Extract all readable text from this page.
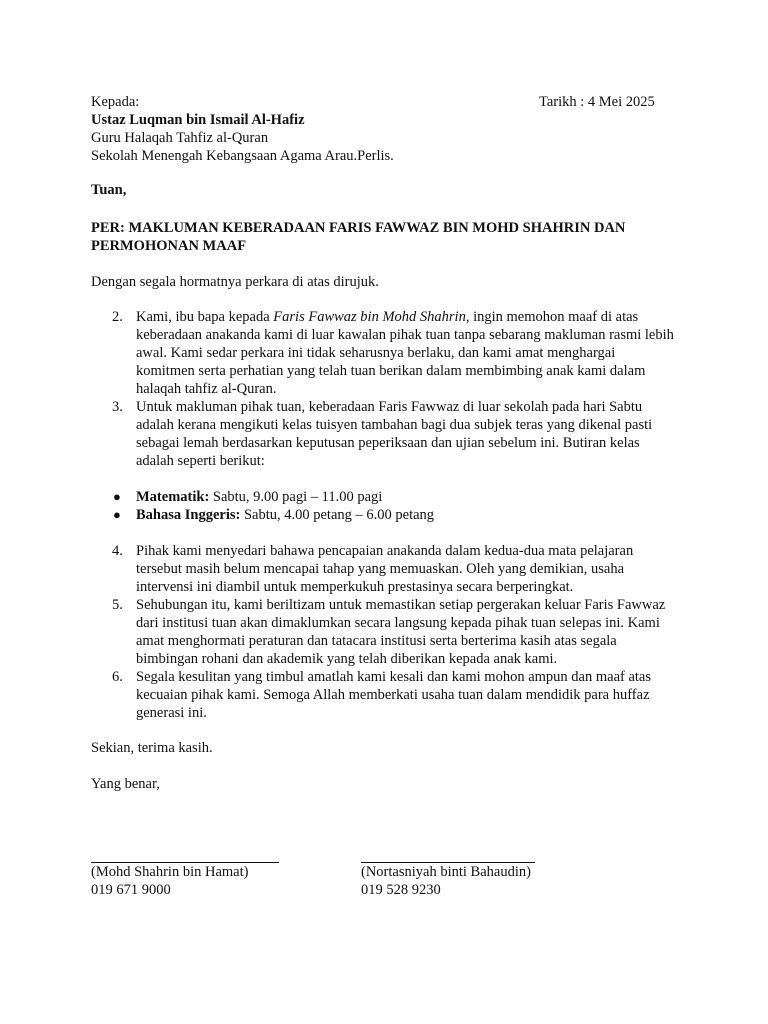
Tarikh : 4 Mei 2025
Kepada:
Ustaz Luqman bin Ismail Al-Hafiz
Guru Halaqah Tahfiz al-Quran
Sekolah Menengah Kebangsaan Agama Arau.Perlis.
Tuan,
PER: MAKLUMAN KEBERADAAN FARIS FAWWAZ BIN MOHD SHAHRIN DAN
PERMOHONAN MAAF
Dengan segala hormatnya perkara di atas dirujuk.
2. Kami, ibu bapa kepada Faris Fawwaz bin Mohd Shahrin, ingin memohon maaf di atas keberadaan anakanda kami di luar kawalan pihak tuan tanpa sebarang makluman rasmi lebih awal. Kami sedar perkara ini tidak seharusnya berlaku, dan kami amat menghargai komitmen serta perhatian yang telah tuan berikan dalam membimbing anak kami dalam halaqah tahfiz al-Quran.
3. Untuk makluman pihak tuan, keberadaan Faris Fawwaz di luar sekolah pada hari Sabtu adalah kerana mengikuti kelas tuisyen tambahan bagi dua subjek teras yang dikenal pasti sebagai lemah berdasarkan keputusan peperiksaan dan ujian sebelum ini. Butiran kelas adalah seperti berikut:
● Matematik: Sabtu, 9.00 pagi – 11.00 pagi
● Bahasa Inggeris: Sabtu, 4.00 petang – 6.00 petang
4. Pihak kami menyedari bahawa pencapaian anakanda dalam kedua-dua mata pelajaran tersebut masih belum mencapai tahap yang memuaskan. Oleh yang demikian, usaha intervensi ini diambil untuk memperkukuh prestasinya secara berperingkat.
5. Sehubungan itu, kami beriltizam untuk memastikan setiap pergerakan keluar Faris Fawwaz dari institusi tuan akan dimaklumkan secara langsung kepada pihak tuan selepas ini. Kami amat menghormati peraturan dan tatacara institusi serta berterima kasih atas segala bimbingan rohani dan akademik yang telah diberikan kepada anak kami.
6. Segala kesulitan yang timbul amatlah kami kesali dan kami mohon ampun dan maaf atas kecuaian pihak kami. Semoga Allah memberkati usaha tuan dalam mendidik para huffaz generasi ini.
Sekian, terima kasih.
Yang benar,
(Mohd Shahrin bin Hamat)
019 671 9000
(Nortasniyah binti Bahaudin)
019 528 9230
